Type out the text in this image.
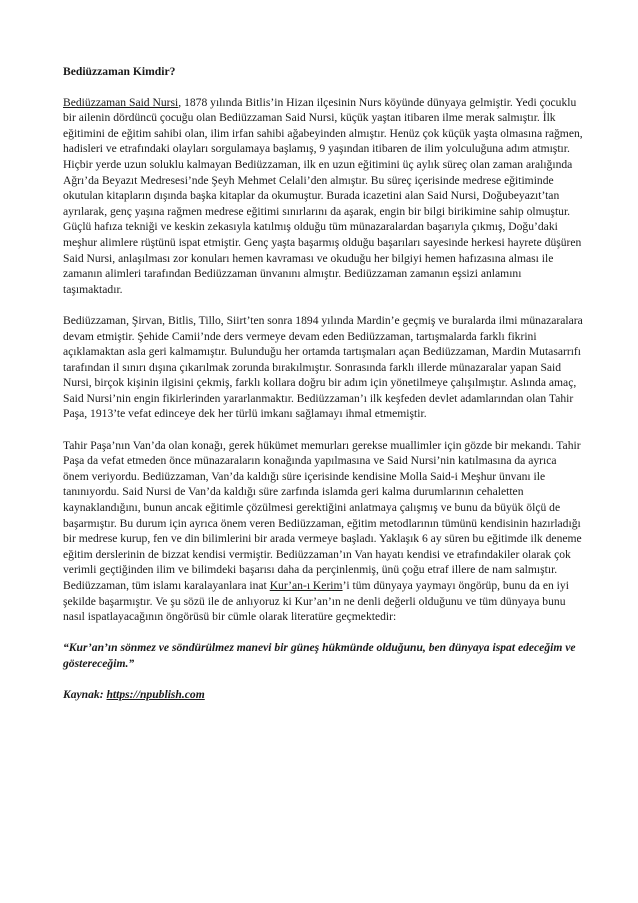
Bediüzzaman Kimdir?

Bediüzzaman Said Nursi, 1878 yılında Bitlis’in Hizan ilçesinin Nurs köyünde dünyaya gelmiştir. Yedi çocuklu bir ailenin dördüncü çocuğu olan Bediüzzaman Said Nursi, küçük yaştan itibaren ilme merak salmıştır. İlk eğitimini de eğitim sahibi olan, ilim irfan sahibi ağabeyinden almıştır. Henüz çok küçük yaşta olmasına rağmen, hadisleri ve etrafındaki olayları sorgulamaya başlamış, 9 yaşından itibaren de ilim yolculuğuna adım atmıştır. Hiçbir yerde uzun soluklu kalmayan Bediüzzaman, ilk en uzun eğitimini üç aylık süreç olan zaman aralığında Ağrı’da Beyazıt Medresesi’nde Şeyh Mehmet Celali’den almıştır. Bu süreç içerisinde medrese eğitiminde okutulan kitapların dışında başka kitaplar da okumuştur. Burada icazetini alan Said Nursi, Doğubeyazıt’tan ayrılarak, genç yaşına rağmen medrese eğitimi sınırlarını da aşarak, engin bir bilgi birikimine sahip olmuştur. Güçlü hafıza tekniği ve keskin zekasıyla katılmış olduğu tüm münazaralardan başarıyla çıkmış, Doğu’daki meşhur alimlere rüştünü ispat etmiştir. Genç yaşta başarmış olduğu başarıları sayesinde herkesi hayrete düşüren Said Nursi, anlaşılması zor konuları hemen kavraması ve okuduğu her bilgiyi hemen hafızasına alması ile zamanın alimleri tarafından Bediüzzaman ünvanını almıştır. Bediüzzaman zamanın eşsizi anlamını taşımaktadır.

Bediüzzaman, Şirvan, Bitlis, Tillo, Siirt’ten sonra 1894 yılında Mardin’e geçmiş ve buralarda ilmi münazaralara devam etmiştir. Şehide Camii’nde ders vermeye devam eden Bediüzzaman, tartışmalarda farklı fikrini açıklamaktan asla geri kalmamıştır. Bulunduğu her ortamda tartışmaları açan Bediüzzaman, Mardin Mutasarrıfı tarafından il sınırı dışına çıkarılmak zorunda bırakılmıştır. Sonrasında farklı illerde münazaralar yapan Said Nursi, birçok kişinin ilgisini çekmiş, farklı kollara doğru bir adım için yönetilmeye çalışılmıştır. Aslında amaç, Said Nursi’nin engin fikirlerinden yararlanmaktır. Bediüzzaman’ı ilk keşfeden devlet adamlarından olan Tahir Paşa, 1913’te vefat edinceye dek her türlü imkanı sağlamayı ihmal etmemiştir.

Tahir Paşa’nın Van’da olan konağı, gerek hükümet memurları gerekse muallimler için gözde bir mekandı. Tahir Paşa da vefat etmeden önce münazaraların konağında yapılmasına ve Said Nursi’nin katılmasına da ayrıca önem veriyordu. Bediüzzaman, Van’da kaldığı süre içerisinde kendisine Molla Said-i Meşhur ünvanı ile tanınıyordu. Said Nursi de Van’da kaldığı süre zarfında islamda geri kalma durumlarının cehaletten kaynaklandığını, bunun ancak eğitimle çözülmesi gerektiğini anlatmaya çalışmış ve bunu da büyük ölçü de başarmıştır. Bu durum için ayrıca önem veren Bediüzzaman, eğitim metodlarının tümünü kendisinin hazırladığı bir medrese kurup, fen ve din bilimlerini bir arada vermeye başladı. Yaklaşık 6 ay süren bu eğitimde ilk deneme eğitim derslerinin de bizzat kendisi vermiştir. Bediüzzaman’ın Van hayatı kendisi ve etrafındakiler olarak çok verimli geçtiğinden ilim ve bilimdeki başarısı daha da perçinlenmiş, ünü çoğu etraf illere de nam salmıştır.

Bediüzzaman, tüm islamı karalayanlara inat Kur’an-ı Kerim’i tüm dünyaya yaymayı öngörüp, bunu da en iyi şekilde başarmıştır. Ve şu sözü ile de anlıyoruz ki Kur’an’ın ne denli değerli olduğunu ve tüm dünyaya bunu nasıl ispatlayacağının öngörüsü bir cümle olarak literatüre geçmektedir:

“Kur’an’ın sönmez ve söndürülmez manevi bir güneş hükmünde olduğunu, ben dünyaya ispat edeceğim ve göstereceğim.”
Kaynak: https://npublish.com
